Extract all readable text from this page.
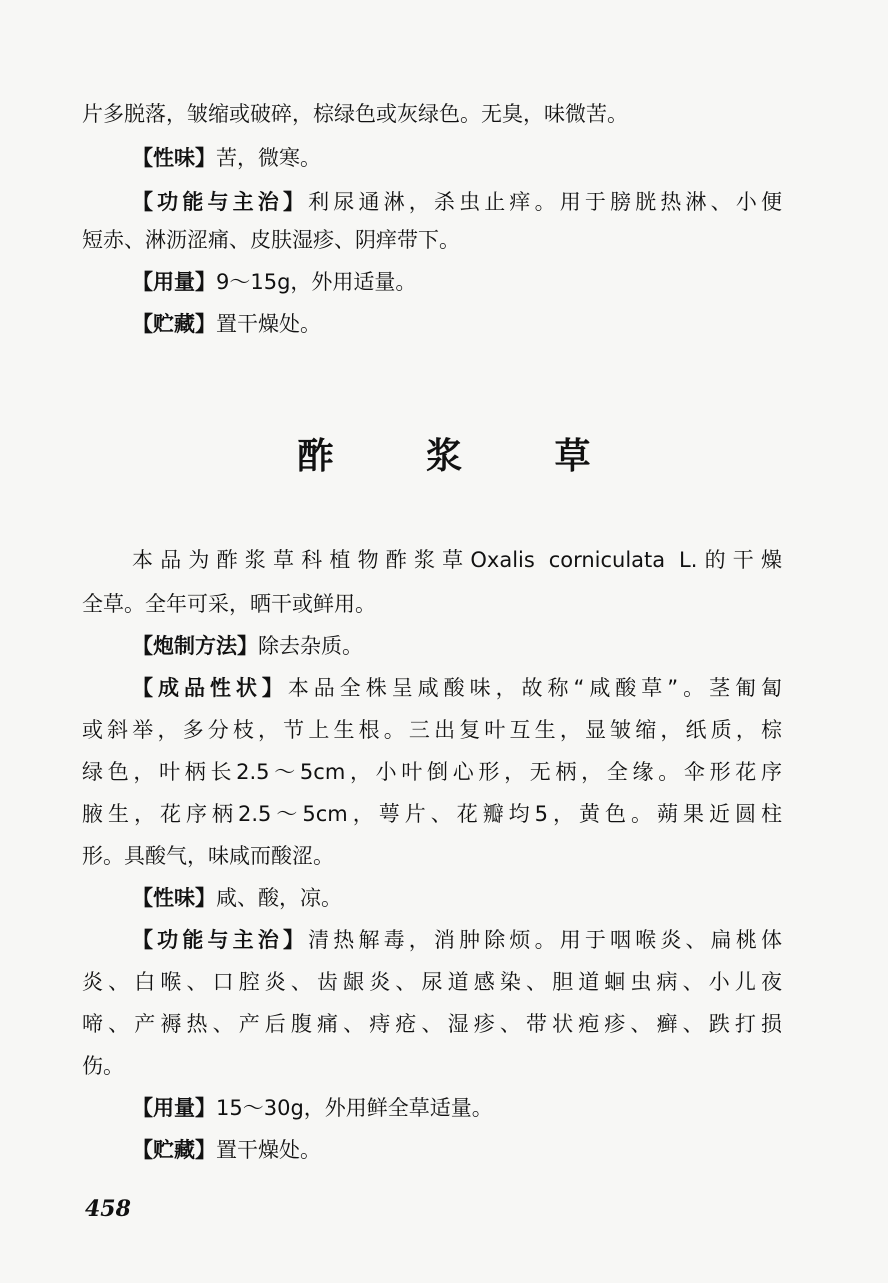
片多脱落，皱缩或破碎，棕绿色或灰绿色。无臭，味微苦。
【性味】苦，微寒。
【功能与主治】利尿通淋，杀虫止痒。用于膀胱热淋、小便
短赤、淋沥涩痛、皮肤湿疹、阴痒带下。
【用量】9～15g，外用适量。
【贮藏】置干燥处。
酢 浆 草
本品为酢浆草科植物酢浆草Oxalis corniculata L.的干燥
全草。全年可采，晒干或鲜用。
【炮制方法】除去杂质。
【成品性状】本品全株呈咸酸味，故称“咸酸草”。茎匍匐
或斜举，多分枝，节上生根。三出复叶互生，显皱缩，纸质，棕
绿色，叶柄长2.5～5cm，小叶倒心形，无柄，全缘。伞形花序
腋生，花序柄2.5～5cm，萼片、花瓣均5，黄色。蒴果近圆柱
形。具酸气，味咸而酸涩。
【性味】咸、酸，凉。
【功能与主治】清热解毒，消肿除烦。用于咽喉炎、扁桃体
炎、白喉、口腔炎、齿龈炎、尿道感染、胆道蛔虫病、小儿夜
啼、产褥热、产后腹痛、痔疮、湿疹、带状疱疹、癣、跌打损
伤。
【用量】15～30g，外用鲜全草适量。
【贮藏】置干燥处。
458
